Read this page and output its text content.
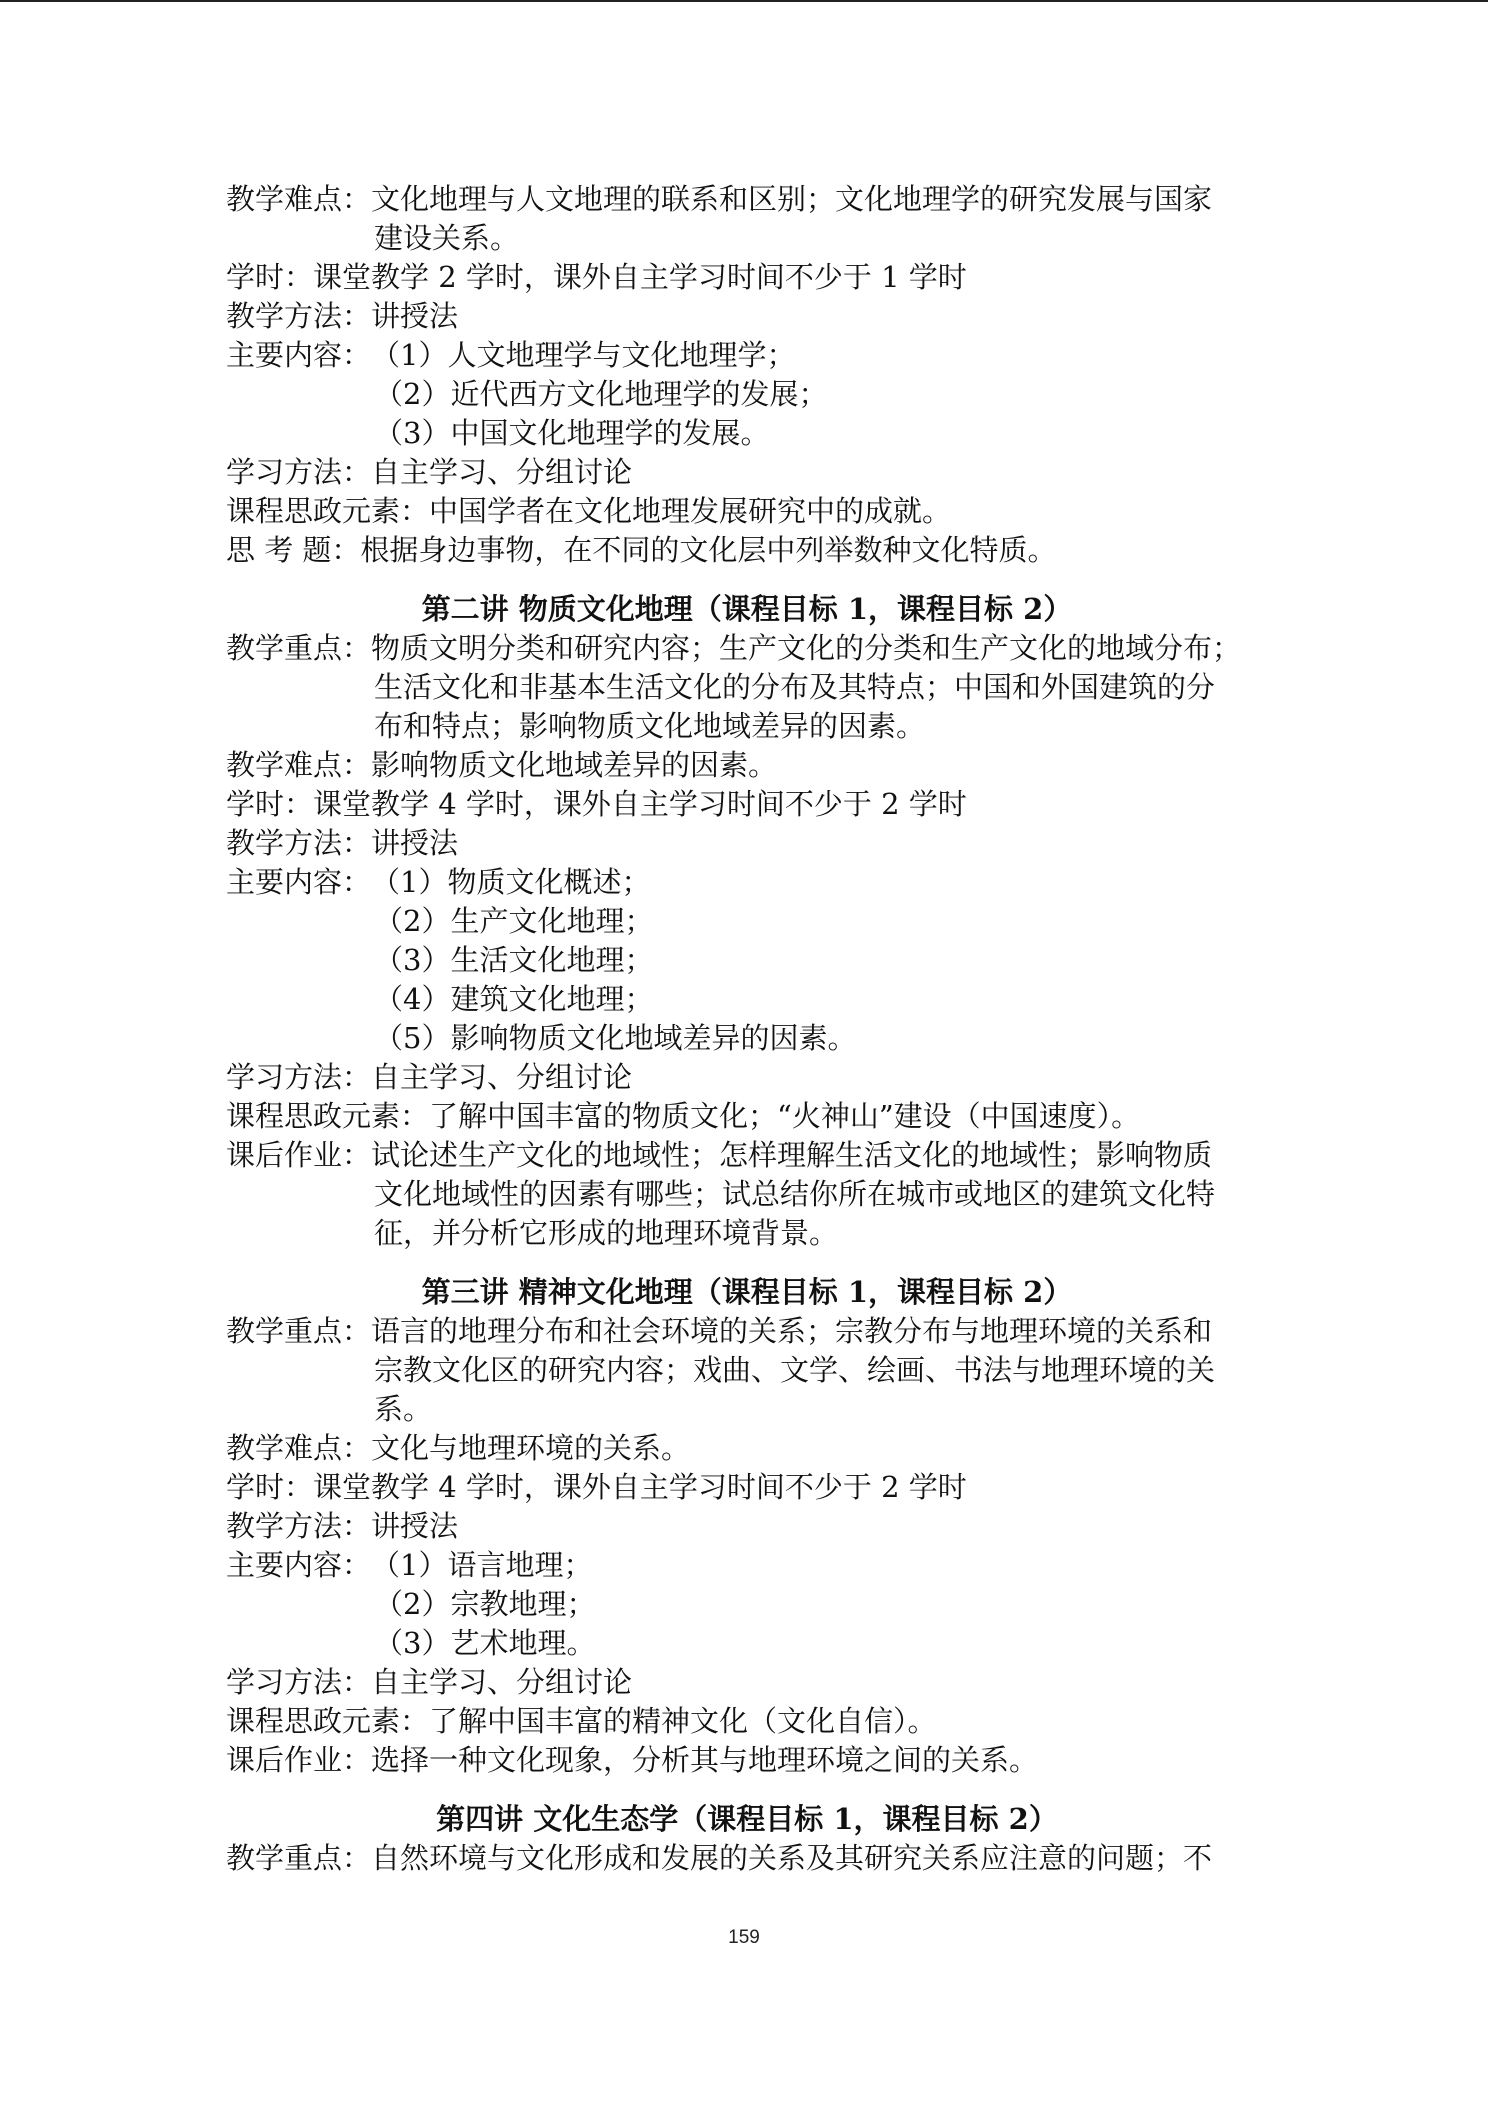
教学难点： 文化地理与人文地理的联系和区别；文化地理学的研究发展与国家
建设关系。
学时：课堂教学 2 学时，课外自主学习时间不少于 1 学时
教学方法：讲授法
主要内容： （1）人文地理学与文化地理学；
（2）近代西方文化地理学的发展；
（3）中国文化地理学的发展。
学习方法：自主学习、分组讨论
课程思政元素：中国学者在文化地理发展研究中的成就。
思 考 题：根据身边事物，在不同的文化层中列举数种文化特质。
第二讲 物质文化地理（课程目标 1，课程目标 2）
教学重点： 物质文明分类和研究内容；生产文化的分类和生产文化的地域分布；
生活文化和非基本生活文化的分布及其特点；中国和外国建筑的分
布和特点；影响物质文化地域差异的因素。
教学难点：影响物质文化地域差异的因素。
学时：课堂教学 4 学时，课外自主学习时间不少于 2 学时
教学方法：讲授法
主要内容： （1）物质文化概述；
（2）生产文化地理；
（3）生活文化地理；
（4）建筑文化地理；
（5）影响物质文化地域差异的因素。
学习方法：自主学习、分组讨论
课程思政元素：了解中国丰富的物质文化；“火神山”建设（中国速度）。
课后作业： 试论述生产文化的地域性；怎样理解生活文化的地域性；影响物质
文化地域性的因素有哪些；试总结你所在城市或地区的建筑文化特
征，并分析它形成的地理环境背景。
第三讲 精神文化地理（课程目标 1，课程目标 2）
教学重点： 语言的地理分布和社会环境的关系；宗教分布与地理环境的关系和
宗教文化区的研究内容；戏曲、文学、绘画、书法与地理环境的关
系。
教学难点：文化与地理环境的关系。
学时：课堂教学 4 学时，课外自主学习时间不少于 2 学时
教学方法：讲授法
主要内容： （1）语言地理；
（2）宗教地理；
（3）艺术地理。
学习方法：自主学习、分组讨论
课程思政元素：了解中国丰富的精神文化（文化自信）。
课后作业：选择一种文化现象，分析其与地理环境之间的关系。
第四讲 文化生态学（课程目标 1，课程目标 2）
教学重点： 自然环境与文化形成和发展的关系及其研究关系应注意的问题；不
159
